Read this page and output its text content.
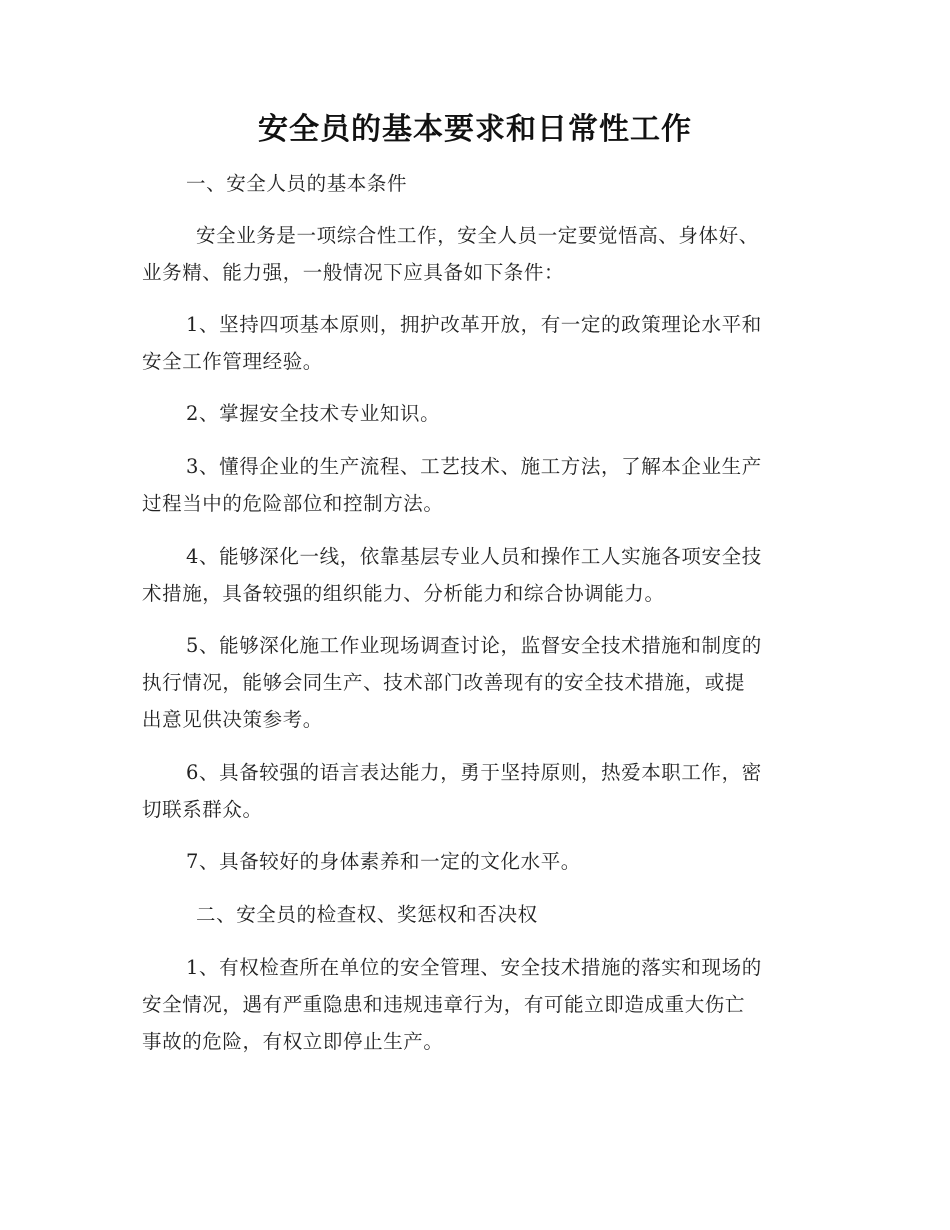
安全员的基本要求和日常性工作
一、安全人员的基本条件
安全业务是一项综合性工作，安全人员一定要觉悟高、身体好、
业务精、能力强，一般情况下应具备如下条件：
1、坚持四项基本原则，拥护改革开放，有一定的政策理论水平和
安全工作管理经验。
2、掌握安全技术专业知识。
3、懂得企业的生产流程、工艺技术、施工方法，了解本企业生产
过程当中的危险部位和控制方法。
4、能够深化一线，依靠基层专业人员和操作工人实施各项安全技
术措施，具备较强的组织能力、分析能力和综合协调能力。
5、能够深化施工作业现场调查讨论，监督安全技术措施和制度的
执行情况，能够会同生产、技术部门改善现有的安全技术措施，或提
出意见供决策参考。
6、具备较强的语言表达能力，勇于坚持原则，热爱本职工作，密
切联系群众。
7、具备较好的身体素养和一定的文化水平。
二、安全员的检查权、奖惩权和否决权
1、有权检查所在单位的安全管理、安全技术措施的落实和现场的
安全情况，遇有严重隐患和违规违章行为，有可能立即造成重大伤亡
事故的危险，有权立即停止生产。
